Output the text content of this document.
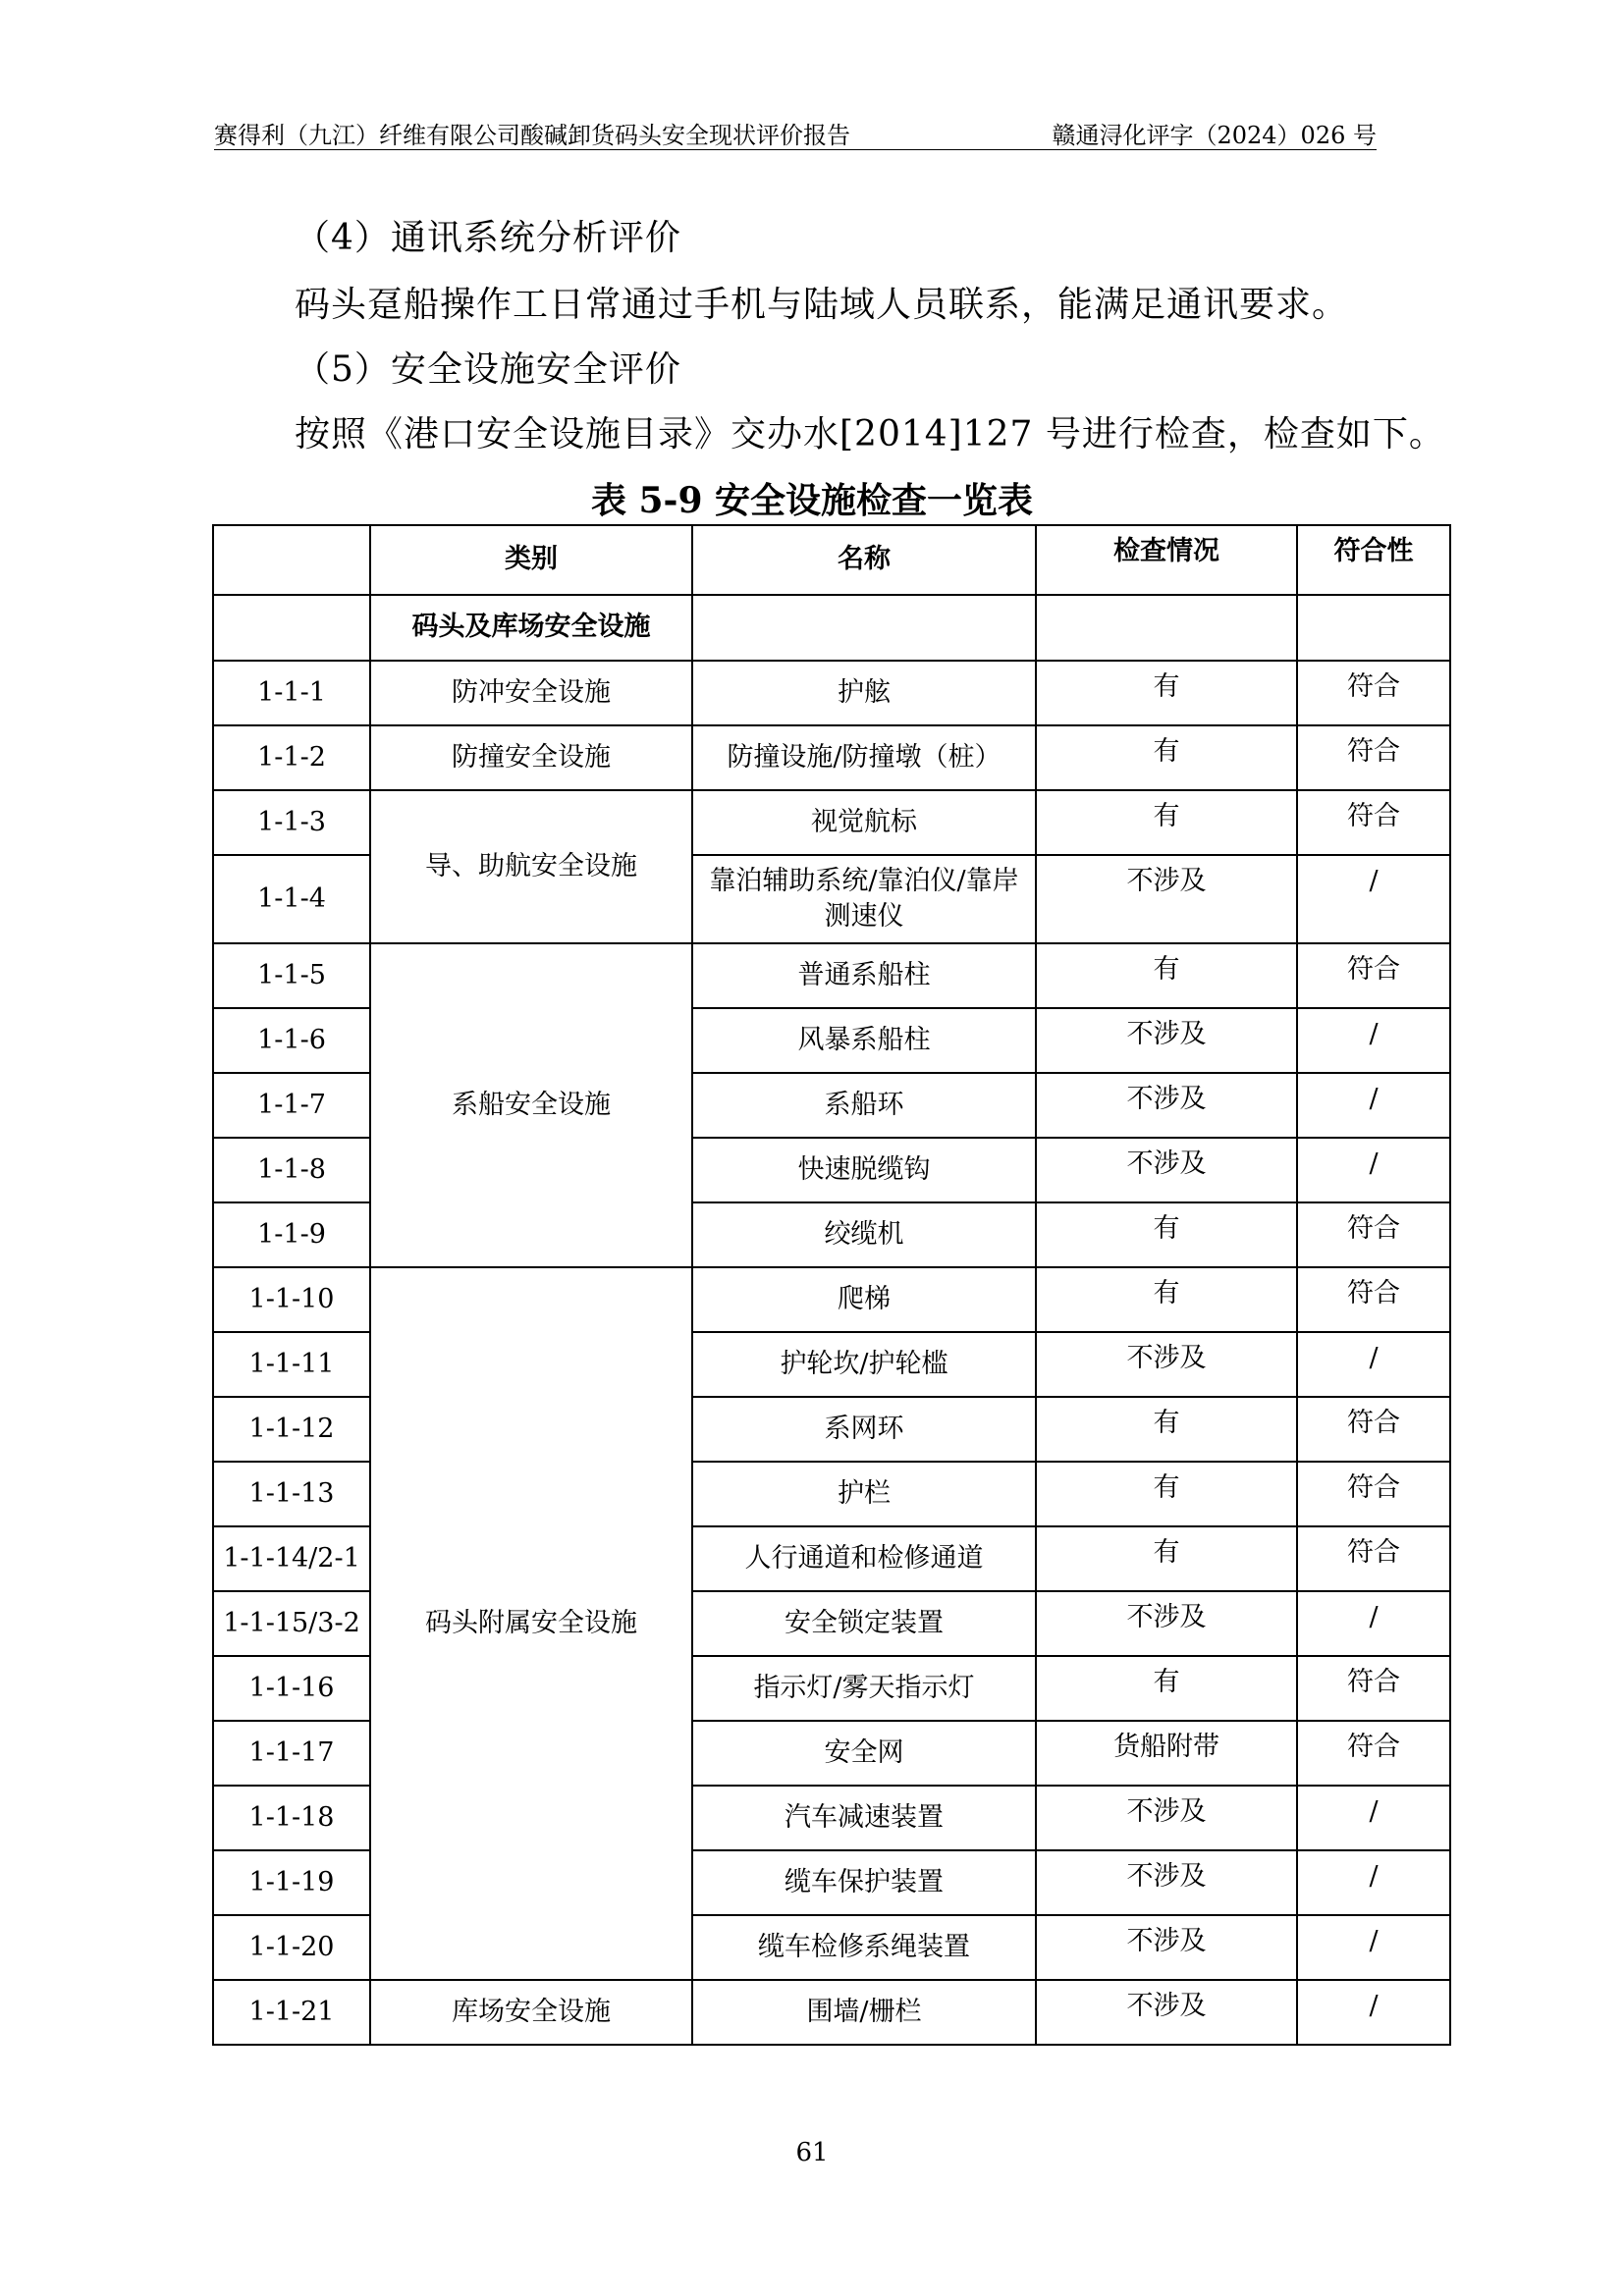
赛得利（九江）纤维有限公司酸碱卸货码头安全现状评价报告	赣通浔化评字（2024）026 号
（4）通讯系统分析评价
码头趸船操作工日常通过手机与陆域人员联系，能满足通讯要求。
（5）安全设施安全评价
按照《港口安全设施目录》交办水[2014]127 号进行检查，检查如下。
表 5-9 安全设施检查一览表
	类别	名称	检查情况	符合性
	码头及库场安全设施			
1-1-1	防冲安全设施	护舷	有	符合
1-1-2	防撞安全设施	防撞设施/防撞墩（桩）	有	符合
1-1-3	导、助航安全设施	视觉航标	有	符合
1-1-4		靠泊辅助系统/靠泊仪/靠岸测速仪	不涉及	/
1-1-5	系船安全设施	普通系船柱	有	符合
1-1-6		风暴系船柱	不涉及	/
1-1-7		系船环	不涉及	/
1-1-8		快速脱缆钩	不涉及	/
1-1-9		绞缆机	有	符合
1-1-10	码头附属安全设施	爬梯	有	符合
1-1-11		护轮坎/护轮槛	不涉及	/
1-1-12		系网环	有	符合
1-1-13		护栏	有	符合
1-1-14/2-1		人行通道和检修通道	有	符合
1-1-15/3-2		安全锁定装置	不涉及	/
1-1-16		指示灯/雾天指示灯	有	符合
1-1-17		安全网	货船附带	符合
1-1-18		汽车减速装置	不涉及	/
1-1-19		缆车保护装置	不涉及	/
1-1-20		缆车检修系绳装置	不涉及	/
1-1-21	库场安全设施	围墙/栅栏	不涉及	/
61
